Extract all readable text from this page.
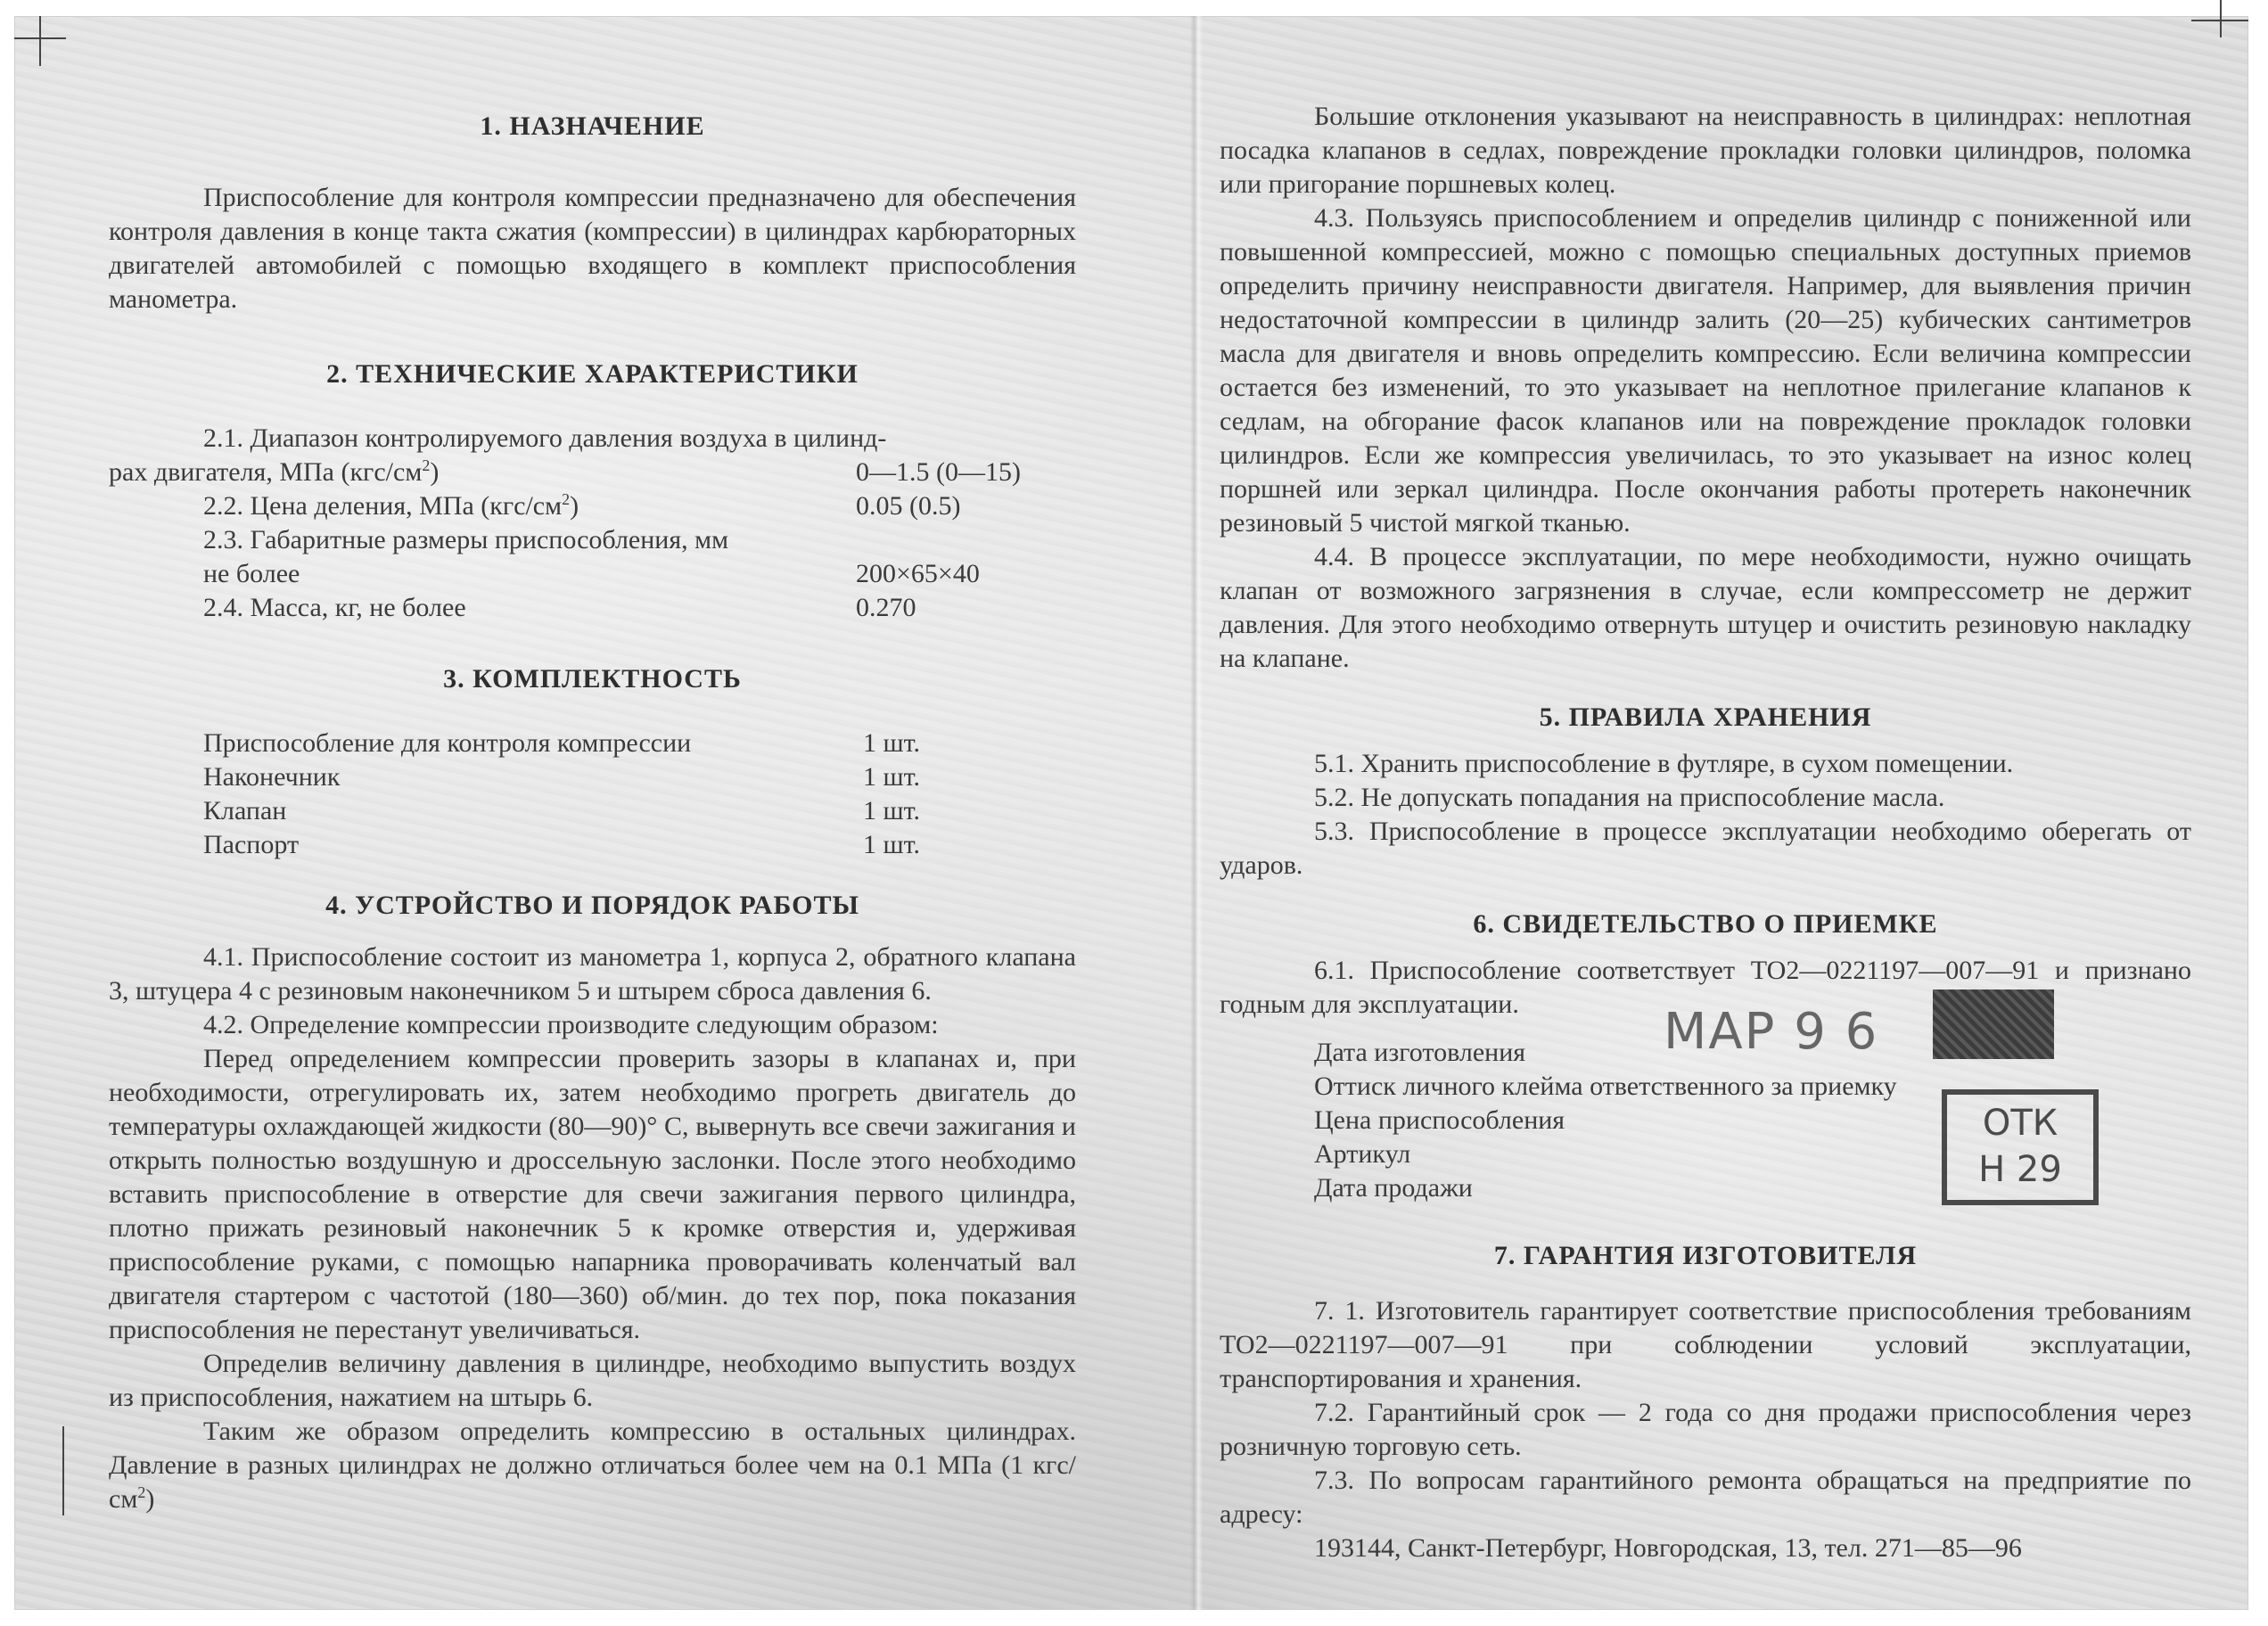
1. НАЗНАЧЕНИЕ

Приспособление для контроля компрессии предназначено для обеспечения контроля давления в конце такта сжатия (компрессии) в цилиндрах карбюраторных двигателей автомобилей с помощью входящего в комплект приспособления манометра.

2. ТЕХНИЧЕСКИЕ ХАРАКТЕРИСТИКИ
2.1. Диапазон контролируемого давления воздуха в цилинд-
рах двигателя, МПа $(кгс/см^2)$	0—1.5 (0—15)
2.2. Цена деления, МПа $(кгс/см^2)$	0.05 (0.5)
2.3. Габаритные размеры приспособления, мм
не более	200×65×40
2.4. Масса, кг, не более	0.270
3. КОМПЛЕКТНОСТЬ
Приспособление для контроля компрессии	1 шт.
Наконечник	1 шт.
Клапан	1 шт.
Паспорт	1 шт.
4. УСТРОЙСТВО И ПОРЯДОК РАБОТЫ

4.1. Приспособление состоит из манометра 1, корпуса 2, обратного клапана 3, штуцера 4 с резиновым наконечником 5 и штырем сброса давления 6.

4.2. Определение компрессии производите следующим образом:

Перед определением компрессии проверить зазоры в клапанах и, при необходимости, отрегулировать их, затем необходимо прогреть двигатель до температуры охлаждающей жидкости (80—90)° С, вывернуть все свечи зажигания и открыть полностью воздушную и дроссельную заслонки. После этого необходимо вставить приспособление в отверстие для свечи зажигания первого цилиндра, плотно прижать резиновый наконечник 5 к кромке отверстия и, удерживая приспособление руками, с помощью напарника проворачивать коленчатый вал двигателя стартером с частотой (180—360) об/мин. до тех пор, пока показания приспособления не перестанут увеличиваться.

Определив величину давления в цилиндре, необходимо выпустить воздух из приспособления, нажатием на штырь 6.

Таким же образом определить компрессию в остальных цилиндрах. Давление в разных цилиндрах не должно отличаться более чем на 0.1 МПа (1 кгс/$см^2$)

Большие отклонения указывают на неисправность в цилиндрах: неплотная посадка клапанов в седлах, повреждение прокладки головки цилиндров, поломка или пригорание поршневых колец.

4.3. Пользуясь приспособлением и определив цилиндр с пониженной или повышенной компрессией, можно с помощью специальных доступных приемов определить причину неисправности двигателя. Например, для выявления причин недостаточной компрессии в цилиндр залить (20—25) кубических сантиметров масла для двигателя и вновь определить компрессию. Если величина компрессии остается без изменений, то это указывает на неплотное прилегание клапанов к седлам, на обгорание фасок клапанов или на повреждение прокладок головки цилиндров. Если же компрессия увеличилась, то это указывает на износ колец поршней или зеркал цилиндра. После окончания работы протереть наконечник резиновый 5 чистой мягкой тканью.

4.4. В процессе эксплуатации, по мере необходимости, нужно очищать клапан от возможного загрязнения в случае, если компрессометр не держит давления. Для этого необходимо отвернуть штуцер и очистить резиновую накладку на клапане.

5. ПРАВИЛА ХРАНЕНИЯ

5.1. Хранить приспособление в футляре, в сухом помещении.

5.2. Не допускать попадания на приспособление масла.

5.3. Приспособление в процессе эксплуатации необходимо оберегать от ударов.

6. СВИДЕТЕЛЬСТВО О ПРИЕМКЕ

6.1. Приспособление соответствует ТО2—0221197—007—91 и признано годным для эксплуатации.

Дата изготовления
Оттиск личного клейма ответственного за приемку
Цена приспособления
Артикул
Дата продажи
7. ГАРАНТИЯ ИЗГОТОВИТЕЛЯ

7. 1. Изготовитель гарантирует соответствие приспособления требованиям ТО2—0221197—007—91 при соблюдении условий эксплуатации, транспортирования и хранения.

7.2. Гарантийный срок — 2 года со дня продажи приспособления через розничную торговую сеть.

7.3. По вопросам гарантийного ремонта обращаться на предприятие по адресу:

193144, Санкт-Петербург, Новгородская, 13, тел. 271—85—96

МАР 9 6
ОТК
Н 29
